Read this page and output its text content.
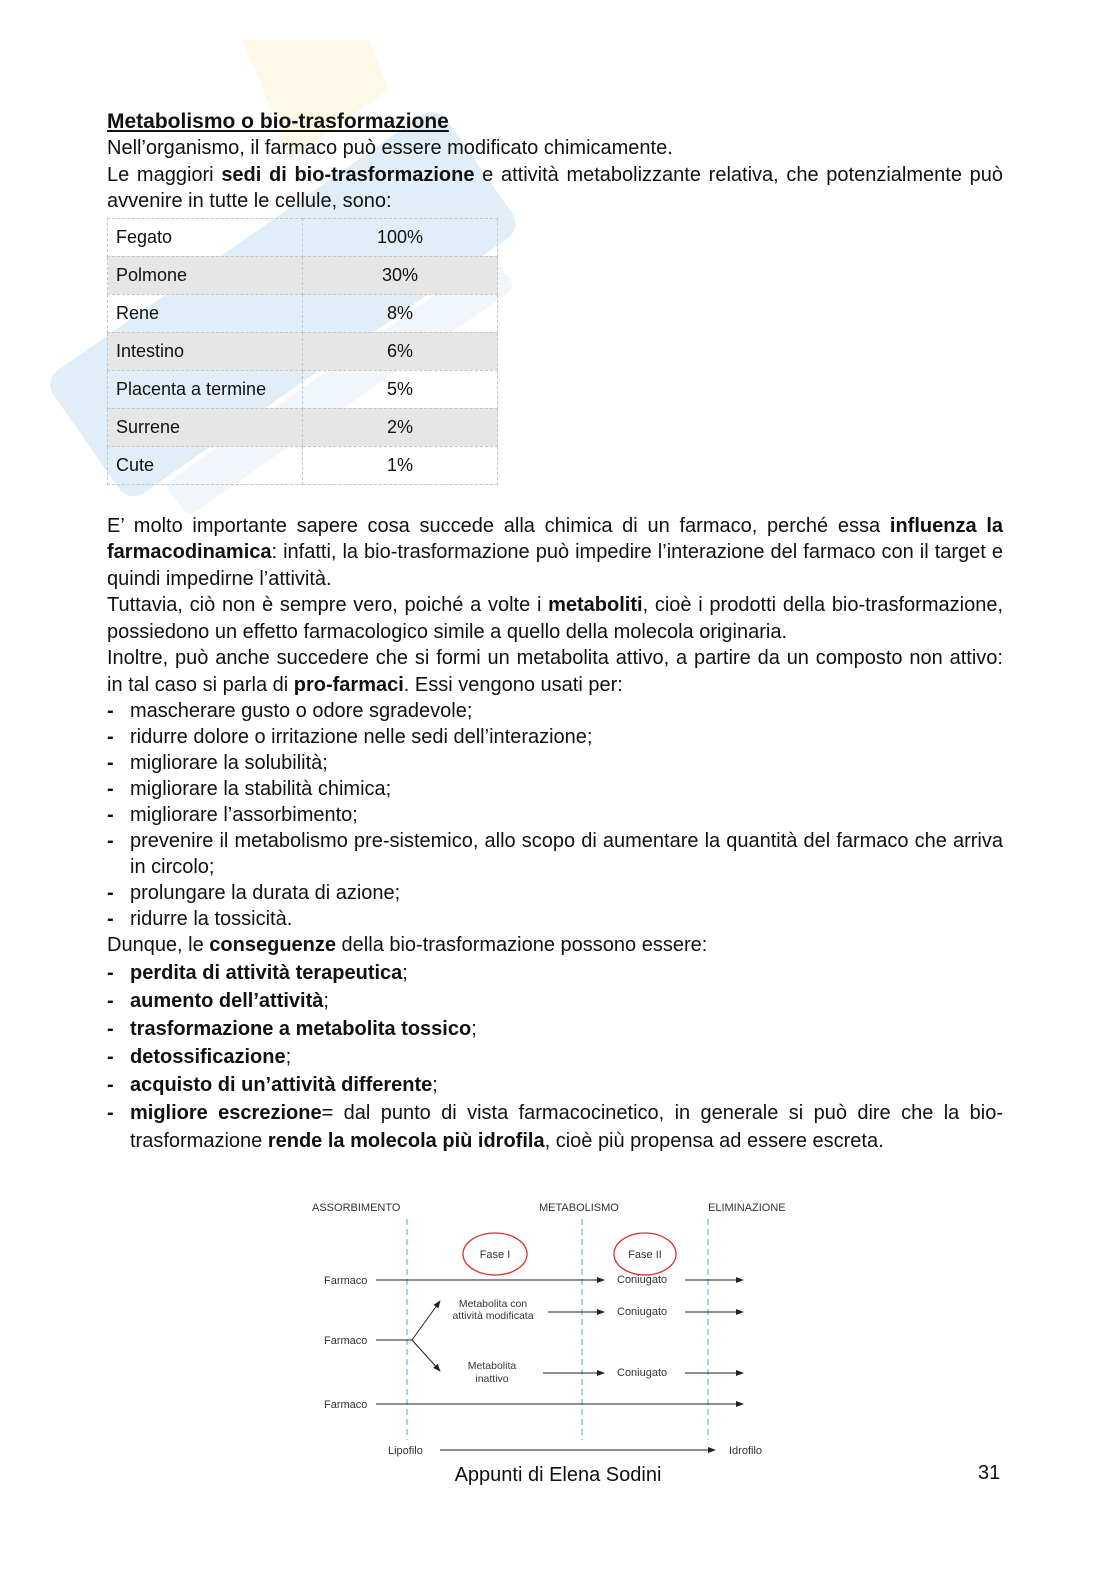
Metabolismo o bio-trasformazione

Nell’organismo, il farmaco può essere modificato chimicamente.

Le maggiori sedi di bio-trasformazione e attività metabolizzante relativa, che potenzialmente può avvenire in tutte le cellule, sono:

Fegato	100%
Polmone	30%
Rene	8%
Intestino	6%
Placenta a termine	5%
Surrene	2%
Cute	1%

E’ molto importante sapere cosa succede alla chimica di un farmaco, perché essa influenza la farmacodinamica: infatti, la bio-trasformazione può impedire l’interazione del farmaco con il target e quindi impedirne l’attività.

Tuttavia, ciò non è sempre vero, poiché a volte i metaboliti, cioè i prodotti della bio-trasformazione, possiedono un effetto farmacologico simile a quello della molecola originaria.

Inoltre, può anche succedere che si formi un metabolita attivo, a partire da un composto non attivo: in tal caso si parla di pro-farmaci. Essi vengono usati per:

- mascherare gusto o odore sgradevole;
- ridurre dolore o irritazione nelle sedi dell’interazione;
- migliorare la solubilità;
- migliorare la stabilità chimica;
- migliorare l’assorbimento;
- prevenire il metabolismo pre-sistemico, allo scopo di aumentare la quantità del farmaco che arriva in circolo;
- prolungare la durata di azione;
- ridurre la tossicità.

Dunque, le conseguenze della bio-trasformazione possono essere:

- perdita di attività terapeutica;
- aumento dell’attività;
- trasformazione a metabolita tossico;
- detossificazione;
- acquisto di un’attività differente;
- migliore escrezione= dal punto di vista farmacocinetico, in generale si può dire che la bio-trasformazione rende la molecola più idrofila, cioè più propensa ad essere escreta.
ASSORBIMENTO	METABOLISMO	ELIMINAZIONE
Fase I	Fase II
Farmaco	Coniugato
Metabolita con
attività modificata	Coniugato
Farmaco
Metabolita
inattivo	Coniugato
Farmaco
Lipofilo	Idrofilo
Appunti di Elena Sodini	31
